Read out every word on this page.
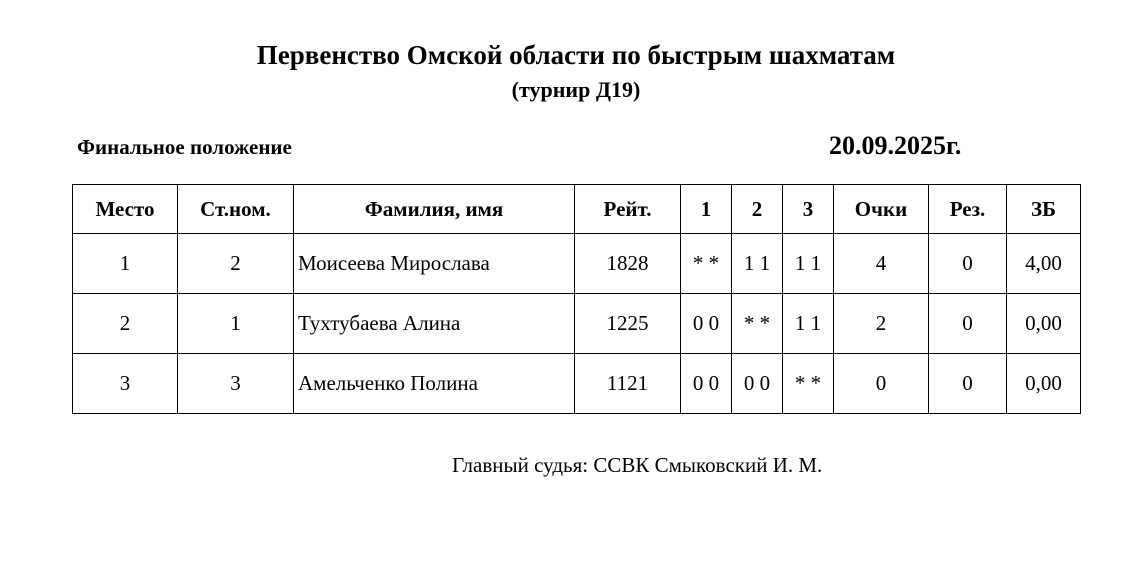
Первенство Омской области по быстрым шахматам
(турнир Д19)
Финальное положение	20.09.2025г.
Место	Ст.ном.	Фамилия, имя	Рейт.	1	2	3	Очки	Рез.	ЗБ
1	2	Моисеева Мирослава	1828	* *	1 1	1 1	4	0	4,00
2	1	Тухтубаева Алина	1225	0 0	* *	1 1	2	0	0,00
3	3	Амельченко Полина	1121	0 0	0 0	* *	0	0	0,00
Главный судья: ССВК Смыковский И. М.
